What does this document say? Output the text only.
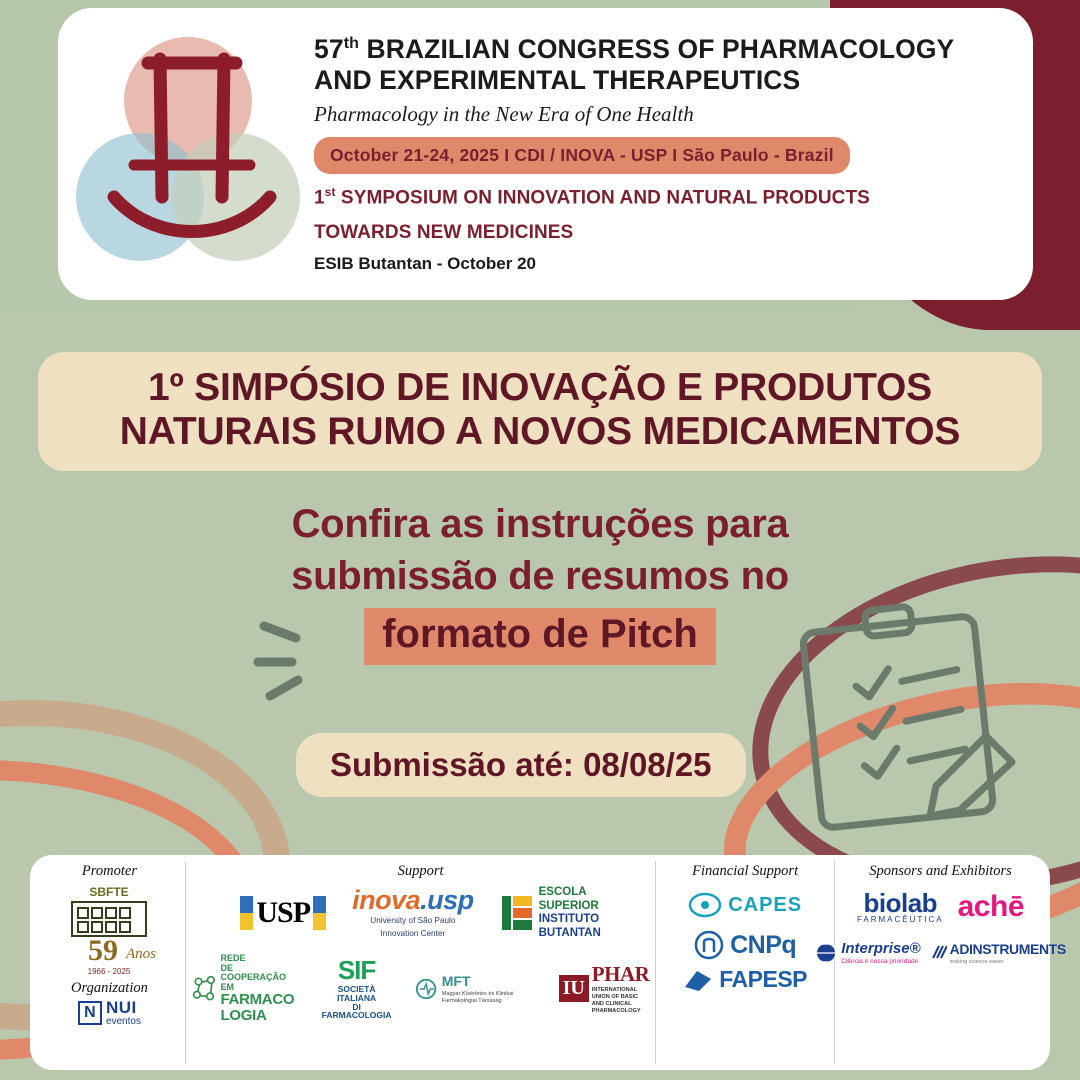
57th BRAZILIAN CONGRESS OF PHARMACOLOGY
AND EXPERIMENTAL THERAPEUTICS
Pharmacology in the New Era of One Health
October 21-24, 2025 I CDI / INOVA - USP I São Paulo - Brazil
1st SYMPOSIUM ON INNOVATION AND NATURAL PRODUCTS
TOWARDS NEW MEDICINES
ESIB Butantan - October 20
1º SIMPÓSIO DE INOVAÇÃO E PRODUTOS
NATURAIS RUMO A NOVOS MEDICAMENTOS
Confira as instruções para
submissão de resumos no
formato de Pitch
Submissão até: 08/08/25
Promoter
SBFTE
59 Anos
1966 - 2025
Organization
N NUI
eventos
Support
USP inova.usp
University of São Paulo
Innovation Center
ESCOLA
SUPERIOR
INSTITUTO
BUTANTAN
REDE
DE COOPERAÇÃO EM
FARMACO
LOGIA
SIF
SOCIETÀ ITALIANA
DI FARMACOLOGIA
MFT
Magyar Kísérletes és Klinikai Farmakológiai Társaság
IU
PHAR
INTERNATIONAL UNION OF BASIC
AND CLINICAL PHARMACOLOGY
Financial Support
CAPES
CNPq
FAPESP
Sponsors and Exhibitors
biolab
FARMACÊUTICA achē
Interprise®
Ciência é nossa prioridade
ADINSTRUMENTS
making science easier
